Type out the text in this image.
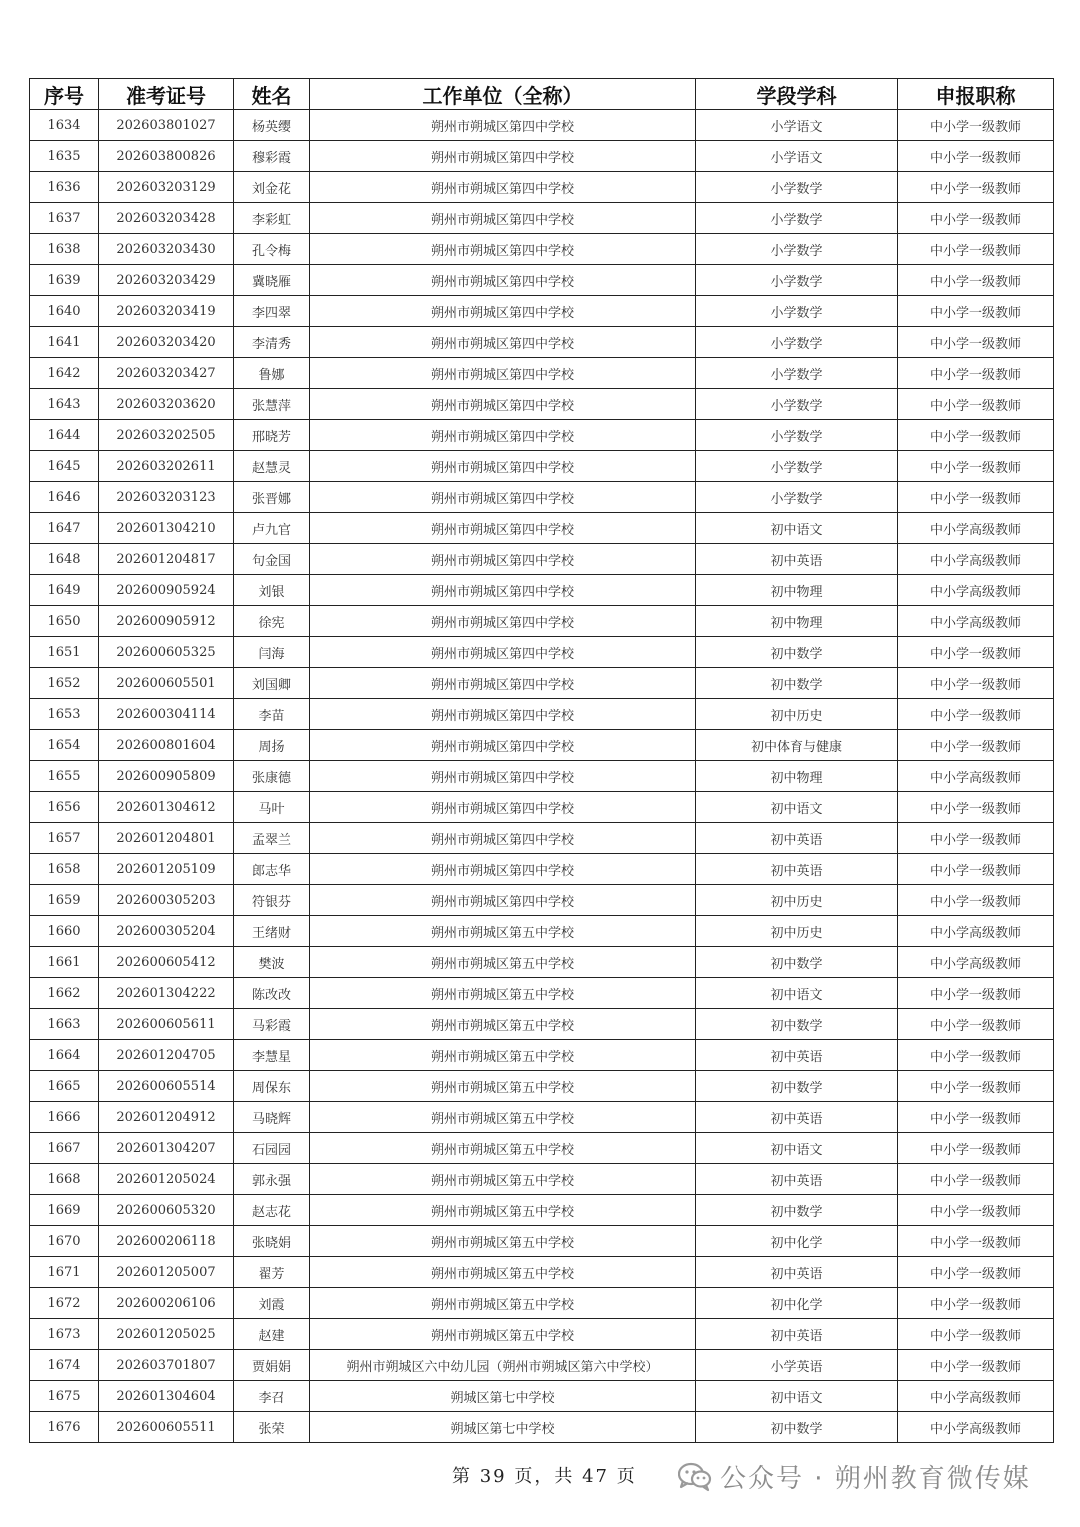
序号	准考证号	姓名	工作单位（全称）	学段学科	申报职称
1634	202603801027	杨英缨	朔州市朔城区第四中学校	小学语文	中小学一级教师
1635	202603800826	穆彩霞	朔州市朔城区第四中学校	小学语文	中小学一级教师
1636	202603203129	刘金花	朔州市朔城区第四中学校	小学数学	中小学一级教师
1637	202603203428	李彩虹	朔州市朔城区第四中学校	小学数学	中小学一级教师
1638	202603203430	孔令梅	朔州市朔城区第四中学校	小学数学	中小学一级教师
1639	202603203429	冀晓雁	朔州市朔城区第四中学校	小学数学	中小学一级教师
1640	202603203419	李四翠	朔州市朔城区第四中学校	小学数学	中小学一级教师
1641	202603203420	李清秀	朔州市朔城区第四中学校	小学数学	中小学一级教师
1642	202603203427	鲁娜	朔州市朔城区第四中学校	小学数学	中小学一级教师
1643	202603203620	张慧萍	朔州市朔城区第四中学校	小学数学	中小学一级教师
1644	202603202505	邢晓芳	朔州市朔城区第四中学校	小学数学	中小学一级教师
1645	202603202611	赵慧灵	朔州市朔城区第四中学校	小学数学	中小学一级教师
1646	202603203123	张晋娜	朔州市朔城区第四中学校	小学数学	中小学一级教师
1647	202601304210	卢九官	朔州市朔城区第四中学校	初中语文	中小学高级教师
1648	202601204817	句金国	朔州市朔城区第四中学校	初中英语	中小学高级教师
1649	202600905924	刘银	朔州市朔城区第四中学校	初中物理	中小学高级教师
1650	202600905912	徐宪	朔州市朔城区第四中学校	初中物理	中小学高级教师
1651	202600605325	闫海	朔州市朔城区第四中学校	初中数学	中小学一级教师
1652	202600605501	刘国卿	朔州市朔城区第四中学校	初中数学	中小学一级教师
1653	202600304114	李苗	朔州市朔城区第四中学校	初中历史	中小学一级教师
1654	202600801604	周扬	朔州市朔城区第四中学校	初中体育与健康	中小学一级教师
1655	202600905809	张康德	朔州市朔城区第四中学校	初中物理	中小学高级教师
1656	202601304612	马叶	朔州市朔城区第四中学校	初中语文	中小学一级教师
1657	202601204801	孟翠兰	朔州市朔城区第四中学校	初中英语	中小学一级教师
1658	202601205109	郎志华	朔州市朔城区第四中学校	初中英语	中小学一级教师
1659	202600305203	符银芬	朔州市朔城区第四中学校	初中历史	中小学一级教师
1660	202600305204	王绪财	朔州市朔城区第五中学校	初中历史	中小学高级教师
1661	202600605412	樊波	朔州市朔城区第五中学校	初中数学	中小学高级教师
1662	202601304222	陈改改	朔州市朔城区第五中学校	初中语文	中小学一级教师
1663	202600605611	马彩霞	朔州市朔城区第五中学校	初中数学	中小学一级教师
1664	202601204705	李慧星	朔州市朔城区第五中学校	初中英语	中小学一级教师
1665	202600605514	周保东	朔州市朔城区第五中学校	初中数学	中小学一级教师
1666	202601204912	马晓辉	朔州市朔城区第五中学校	初中英语	中小学一级教师
1667	202601304207	石园园	朔州市朔城区第五中学校	初中语文	中小学一级教师
1668	202601205024	郭永强	朔州市朔城区第五中学校	初中英语	中小学一级教师
1669	202600605320	赵志花	朔州市朔城区第五中学校	初中数学	中小学一级教师
1670	202600206118	张晓娟	朔州市朔城区第五中学校	初中化学	中小学一级教师
1671	202601205007	翟芳	朔州市朔城区第五中学校	初中英语	中小学一级教师
1672	202600206106	刘霞	朔州市朔城区第五中学校	初中化学	中小学一级教师
1673	202601205025	赵建	朔州市朔城区第五中学校	初中英语	中小学一级教师
1674	202603701807	贾娟娟	朔州市朔城区六中幼儿园（朔州市朔城区第六中学校）	小学英语	中小学一级教师
1675	202601304604	李召	朔城区第七中学校	初中语文	中小学高级教师
1676	202600605511	张荣	朔城区第七中学校	初中数学	中小学高级教师
第 39 页，共 47 页	公众号 · 朔州教育微传媒
